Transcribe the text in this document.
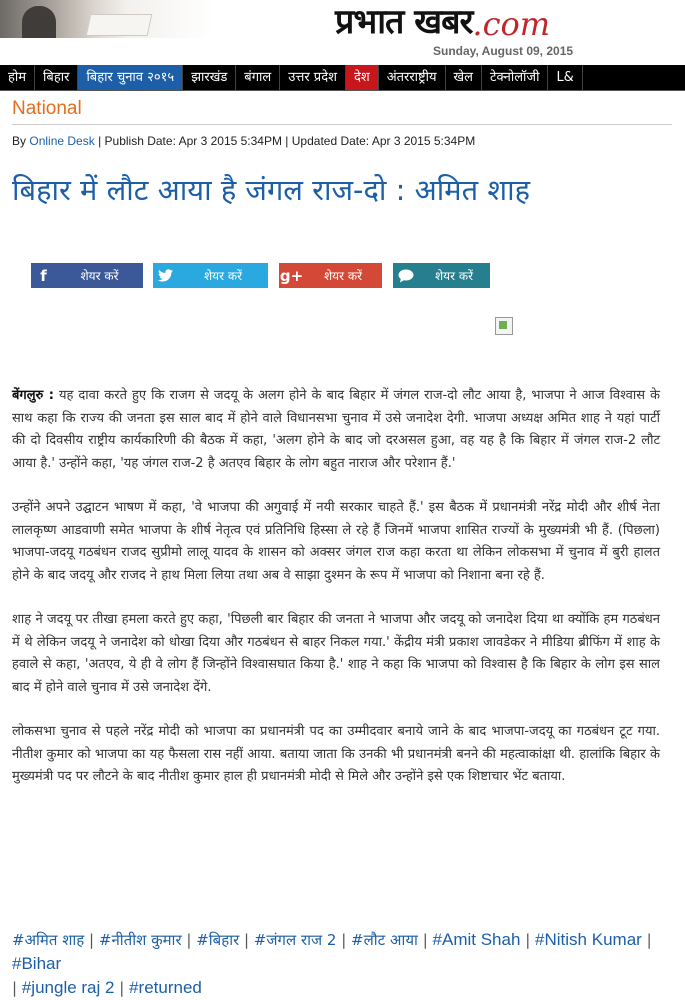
प्रभात खबर .com
Sunday, August 09, 2015
होम	बिहार	बिहार चुनाव २०१५	झारखंड	बंगाल	उत्तर प्रदेश	देश	अंतरराष्ट्रीय	खेल	टेक्नोलॉजी	L&
National
By Online Desk | Publish Date: Apr 3 2015 5:34PM | Updated Date: Apr 3 2015 5:34PM
बिहार में लौट आया है जंगल राज-दो : अमित शाह
f	शेयर करें	शेयर करें	g+	शेयर करें	शेयर करें

बेंगलुरु : यह दावा करते हुए कि राजग से जदयू के अलग होने के बाद बिहार में जंगल राज-दो लौट आया है, भाजपा ने आज विश्वास के साथ कहा कि राज्य की जनता इस साल बाद में होने वाले विधानसभा चुनाव में उसे जनादेश देगी. भाजपा अध्यक्ष अमित शाह ने यहां पार्टी की दो दिवसीय राष्ट्रीय कार्यकारिणी की बैठक में कहा, 'अलग होने के बाद जो दरअसल हुआ, वह यह है कि बिहार में जंगल राज-2 लौट आया है.' उन्होंने कहा, 'यह जंगल राज-2 है अतएव बिहार के लोग बहुत नाराज और परेशान हैं.'

उन्होंने अपने उद्घाटन भाषण में कहा, 'वे भाजपा की अगुवाई में नयी सरकार चाहते हैं.' इस बैठक में प्रधानमंत्री नरेंद्र मोदी और शीर्ष नेता लालकृष्ण आडवाणी समेत भाजपा के शीर्ष नेतृत्व एवं प्रतिनिधि हिस्सा ले रहे हैं जिनमें भाजपा शासित राज्यों के मुख्यमंत्री भी हैं. (पिछला) भाजपा-जदयू गठबंधन राजद सुप्रीमो लालू यादव के शासन को अक्सर जंगल राज कहा करता था लेकिन लोकसभा में चुनाव में बुरी हालत होने के बाद जदयू और राजद ने हाथ मिला लिया तथा अब वे साझा दुश्मन के रूप में भाजपा को निशाना बना रहे हैं.

शाह ने जदयू पर तीखा हमला करते हुए कहा, 'पिछली बार बिहार की जनता ने भाजपा और जदयू को जनादेश दिया था क्योंकि हम गठबंधन में थे लेकिन जदयू ने जनादेश को धोखा दिया और गठबंधन से बाहर निकल गया.' केंद्रीय मंत्री प्रकाश जावडेकर ने मीडिया ब्रीफिंग में शाह के हवाले से कहा, 'अतएव, ये ही वे लोग हैं जिन्होंने विश्वासघात किया है.' शाह ने कहा कि भाजपा को विश्वास है कि बिहार के लोग इस साल बाद में होने वाले चुनाव में उसे जनादेश देंगे.

लोकसभा चुनाव से पहले नरेंद्र मोदी को भाजपा का प्रधानमंत्री पद का उम्मीदवार बनाये जाने के बाद भाजपा-जदयू का गठबंधन टूट गया. नीतीश कुमार को भाजपा का यह फैसला रास नहीं आया. बताया जाता कि उनकी भी प्रधानमंत्री बनने की महत्वाकांक्षा थी. हालांकि बिहार के मुख्यमंत्री पद पर लौटने के बाद नीतीश कुमार हाल ही प्रधानमंत्री मोदी से मिले और उन्होंने इसे एक शिष्टाचार भेंट बताया.

#अमित शाह | #नीतीश कुमार | #बिहार | #जंगल राज 2 | #लौट आया | #Amit Shah | #Nitish Kumar | #Bihar
| #jungle raj 2 | #returned
